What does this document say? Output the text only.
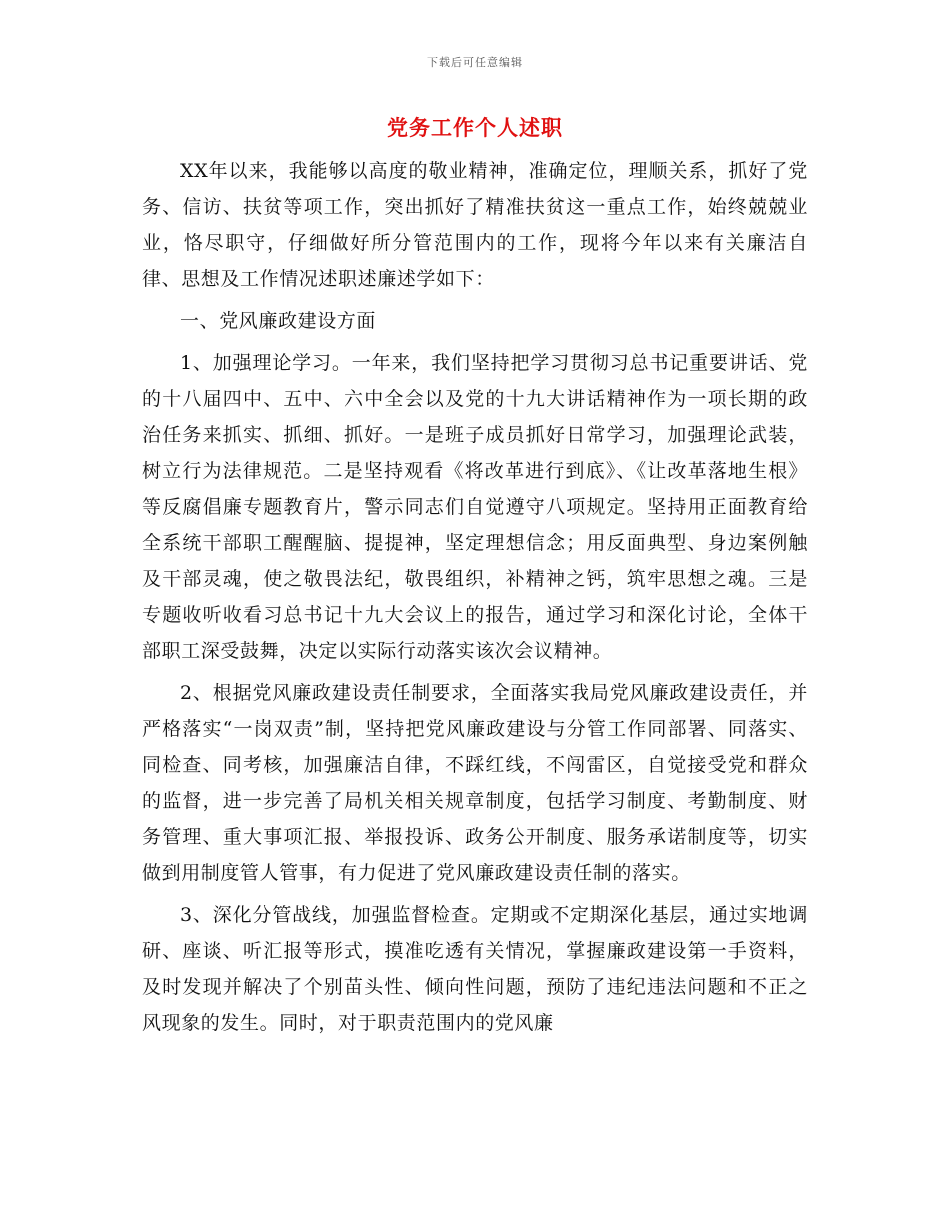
下载后可任意编辑
党务工作个人述职

XX年以来，我能够以高度的敬业精神，准确定位，理顺关系，抓好了党务、信访、扶贫等项工作，突出抓好了精准扶贫这一重点工作，始终兢兢业业，恪尽职守，仔细做好所分管范围内的工作，现将今年以来有关廉洁自律、思想及工作情况述职述廉述学如下：

一、党风廉政建设方面

1、加强理论学习。一年来，我们坚持把学习贯彻习总书记重要讲话、党的十八届四中、五中、六中全会以及党的十九大讲话精神作为一项长期的政治任务来抓实、抓细、抓好。一是班子成员抓好日常学习，加强理论武装，树立行为法律规范。二是坚持观看《将改革进行到底》、《让改革落地生根》等反腐倡廉专题教育片，警示同志们自觉遵守八项规定。坚持用正面教育给全系统干部职工醒醒脑、提提神，坚定理想信念；用反面典型、身边案例触及干部灵魂，使之敬畏法纪，敬畏组织，补精神之钙，筑牢思想之魂。三是专题收听收看习总书记十九大会议上的报告，通过学习和深化讨论，全体干部职工深受鼓舞，决定以实际行动落实该次会议精神。

2、根据党风廉政建设责任制要求，全面落实我局党风廉政建设责任，并严格落实“一岗双责”制，坚持把党风廉政建设与分管工作同部署、同落实、同检查、同考核，加强廉洁自律，不踩红线，不闯雷区，自觉接受党和群众的监督，进一步完善了局机关相关规章制度，包括学习制度、考勤制度、财务管理、重大事项汇报、举报投诉、政务公开制度、服务承诺制度等，切实做到用制度管人管事，有力促进了党风廉政建设责任制的落实。

3、深化分管战线，加强监督检查。定期或不定期深化基层，通过实地调研、座谈、听汇报等形式，摸准吃透有关情况，掌握廉政建设第一手资料，及时发现并解决了个别苗头性、倾向性问题，预防了违纪违法问题和不正之风现象的发生。同时，对于职责范围内的党风廉
